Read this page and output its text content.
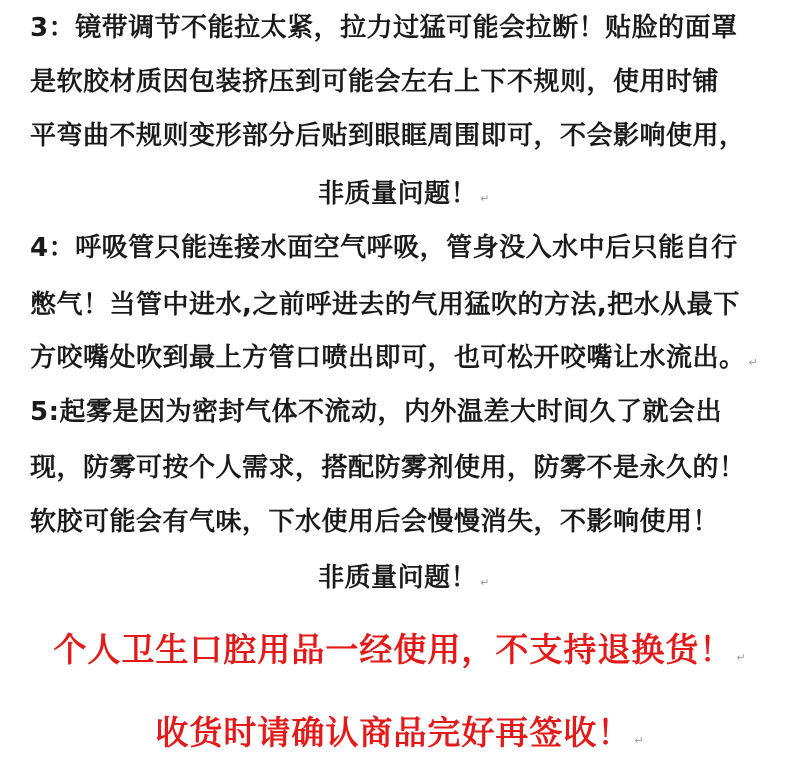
3：镜带调节不能拉太紧，拉力过猛可能会拉断！贴脸的面罩
是软胶材质因包装挤压到可能会左右上下不规则，使用时铺
平弯曲不规则变形部分后贴到眼眶周围即可，不会影响使用，
非质量问题！ ↵
4：呼吸管只能连接水面空气呼吸，管身没入水中后只能自行
憋气！当管中进水,之前呼进去的气用猛吹的方法,把水从最下
方咬嘴处吹到最上方管口喷出即可，也可松开咬嘴让水流出。 ↵
5:起雾是因为密封气体不流动，内外温差大时间久了就会出
现，防雾可按个人需求，搭配防雾剂使用，防雾不是永久的！
软胶可能会有气味，下水使用后会慢慢消失，不影响使用！
非质量问题！ ↵
个人卫生口腔用品一经使用，不支持退换货！ ↵
收货时请确认商品完好再签收！ ↵
